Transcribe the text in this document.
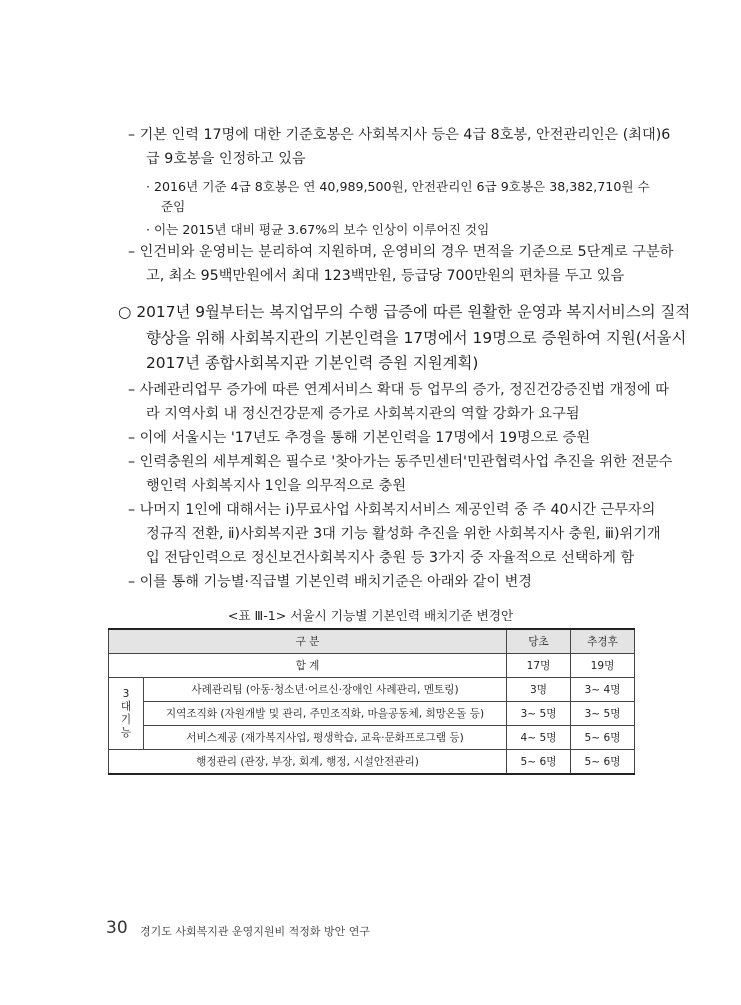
– 기본 인력 17명에 대한 기준호봉은 사회복지사 등은 4급 8호봉, 안전관리인은 (최대)6
급 9호봉을 인정하고 있음
· 2016년 기준 4급 8호봉은 연 40,989,500원, 안전관리인 6급 9호봉은 38,382,710원 수
준임
· 이는 2015년 대비 평균 3.67%의 보수 인상이 이루어진 것임
– 인건비와 운영비는 분리하여 지원하며, 운영비의 경우 면적을 기준으로 5단계로 구분하
고, 최소 95백만원에서 최대 123백만원, 등급당 700만원의 편차를 두고 있음
○ 2017년 9월부터는 복지업무의 수행 급증에 따른 원활한 운영과 복지서비스의 질적
향상을 위해 사회복지관의 기본인력을 17명에서 19명으로 증원하여 지원(서울시
2017년 종합사회복지관 기본인력 증원 지원계획)
– 사례관리업무 증가에 따른 연계서비스 확대 등 업무의 증가, 정진건강증진법 개정에 따
라 지역사회 내 정신건강문제 증가로 사회복지관의 역할 강화가 요구됨
– 이에 서울시는 '17년도 추경을 통해 기본인력을 17명에서 19명으로 증원
– 인력충원의 세부계획은 필수로 '찾아가는 동주민센터'민관협력사업 추진을 위한 전문수
행인력 사회복지사 1인을 의무적으로 충원
– 나머지 1인에 대해서는 ⅰ)무료사업 사회복지서비스 제공인력 중 주 40시간 근무자의
정규직 전환, ⅱ)사회복지관 3대 기능 활성화 추진을 위한 사회복지사 충원, ⅲ)위기개
입 전담인력으로 정신보건사회복지사 충원 등 3가지 중 자율적으로 선택하게 함
– 이를 통해 기능별·직급별 기본인력 배치기준은 아래와 같이 변경
<표 Ⅲ-1> 서울시 기능별 기본인력 배치기준 변경안
구 분		당초	추경후
합 계		17명	19명

3
대
기
능	사례관리팀 (아동·청소년·어르신·장애인 사례관리, 멘토링)	3명	3~ 4명
	지역조직화 (자원개발 및 관리, 주민조직화, 마을공동체, 희망온돌 등)	3~ 5명	3~ 5명
	서비스제공 (재가복지사업, 평생학습, 교육·문화프로그램 등)	4~ 5명	5~ 6명
행정관리 (관장, 부장, 회계, 행정, 시설안전관리)		5~ 6명	5~ 6명
30 경기도 사회복지관 운영지원비 적정화 방안 연구
